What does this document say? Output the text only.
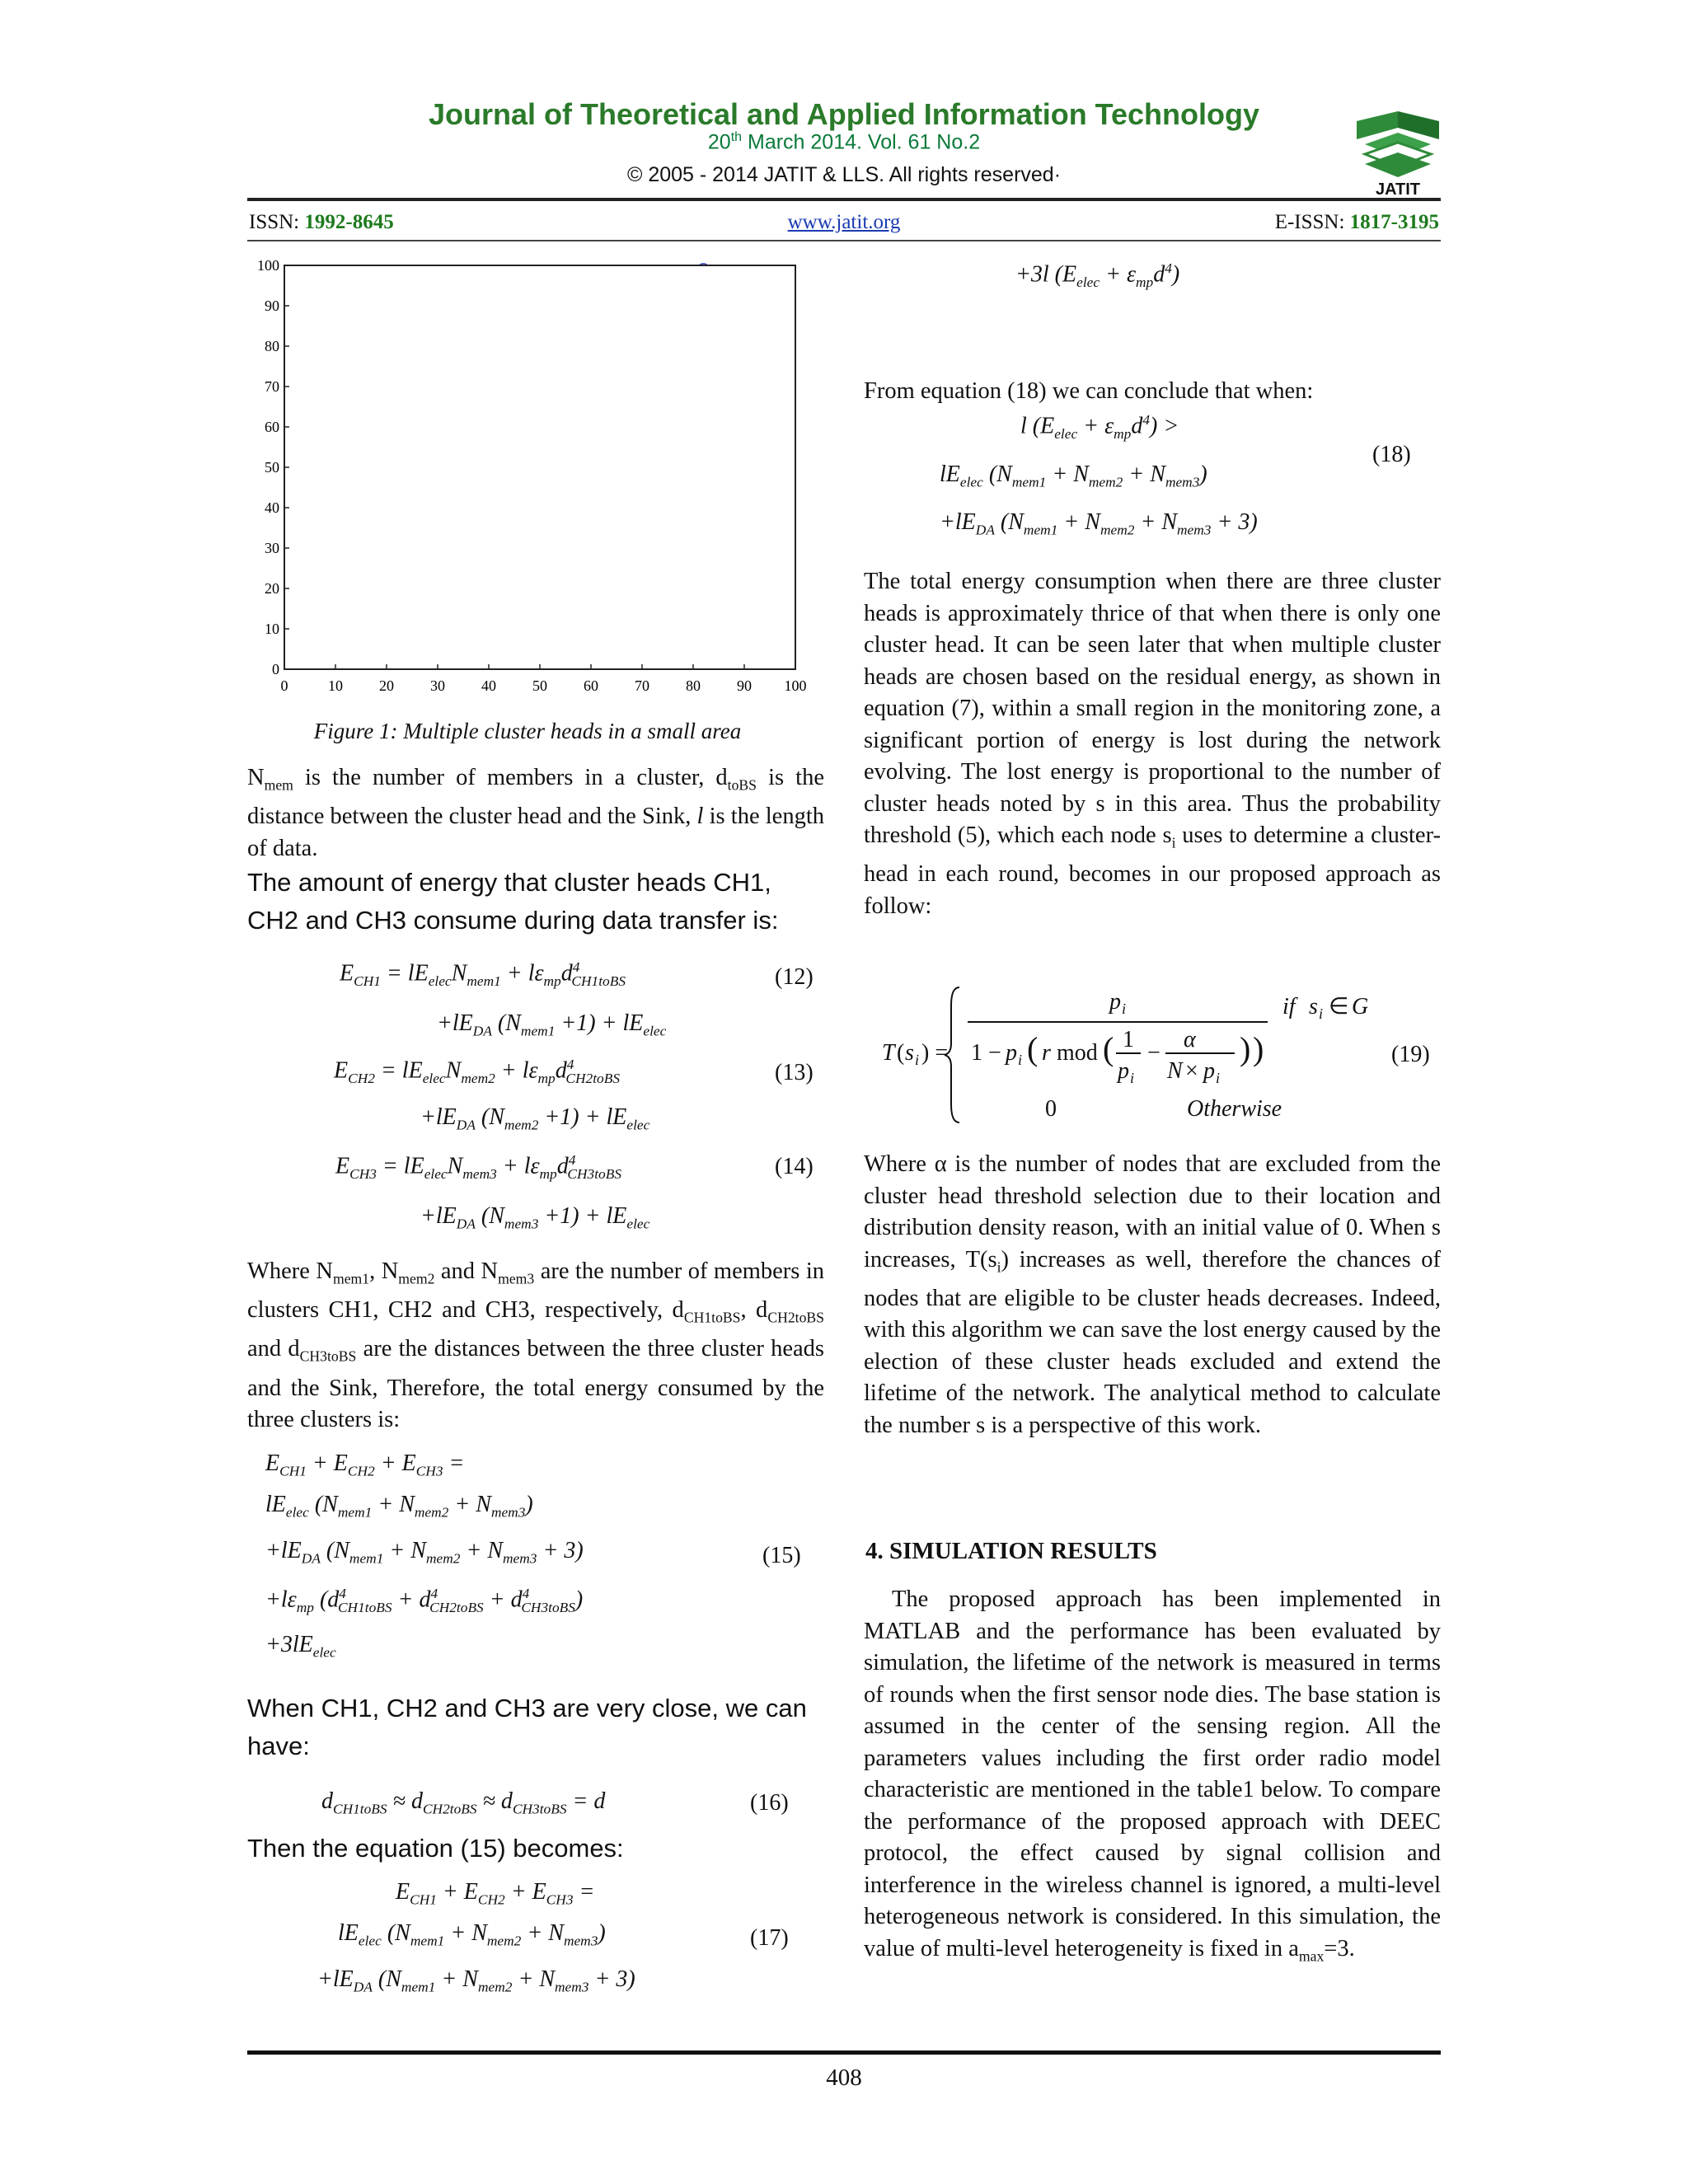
Journal of Theoretical and Applied Information Technology
20th March 2014. Vol. 61 No.2
© 2005 - 2014 JATIT & LLS. All rights reserved·
JATIT
ISSN: 1992-8645	www.jatit.org	E-ISSN: 1817-3195
0	10 20 30 40 50 60 70 80 90 100
0
10
20
30
40
50
60
70
80
90
100
Figure 1: Multiple cluster heads in a small area
$N_{mem}$ is the number of members in a cluster, $d_{toBS}$ is the distance between the cluster head and the Sink, l is the length of data.
The amount of energy that cluster heads CH1, CH2 and CH3 consume during data transfer is:
$E_{CH1} = lE_{elec}N_{mem1} + l\varepsilon_{mp}d^4_{CH1toBS}$
$+lE_{DA}$ $(N_{mem1} +1) + lE_{elec}$
(12)
$E_{CH2} = lE_{elec}N_{mem2} + l\varepsilon_{mp}d^4_{CH2toBS}$
$+lE_{DA}$ $(N_{mem2} +1) + lE_{elec}$
(13)
$E_{CH3} = lE_{elec}N_{mem3} + l\varepsilon_{mp}d^4_{CH3toBS}$
$+lE_{DA}$ $(N_{mem3} +1) + lE_{elec}$
(14)
Where $N_{mem1}$, $N_{mem2}$ and $N_{mem3}$ are the number of members in clusters CH1, CH2 and CH3, respectively, $d_{CH1toBS}$, $d_{CH2toBS}$ and $d_{CH3toBS}$ are the distances between the three cluster heads and the Sink, Therefore, the total energy consumed by the three clusters is:
$E_{CH1} + E_{CH2} + E_{CH3}$ =
$lE_{elec}$ $(N_{mem1} + N_{mem2} + N_{mem3})$
$+lE_{DA}$ $(N_{mem1} + N_{mem2} + N_{mem3} + 3)$
$+l\varepsilon_{mp}$ $(d^4_{CH1toBS} + d^4_{CH2toBS} + d^4_{CH3toBS})$
$+3lE_{elec}$
(15)
When CH1, CH2 and CH3 are very close, we can have:
$d_{CH1toBS} \approx d_{CH2toBS} \approx d_{CH3toBS} = d$	(16)
Then the equation (15) becomes:
$E_{CH1} + E_{CH2} + E_{CH3}$ =
$lE_{elec}$ $(N_{mem1} + N_{mem2} + N_{mem3})$
$+lE_{DA}$ $(N_{mem1} + N_{mem2} + N_{mem3} + 3)$
(17)
+3l $(E_{elec} + \varepsilon_{mp}d^4)$
From equation (18) we can conclude that when:
l $(E_{elec} + \varepsilon_{mp}d^4)$ >
$lE_{elec}$ $(N_{mem1} + N_{mem2} + N_{mem3})$
$+lE_{DA}$ $(N_{mem1} + N_{mem2} + N_{mem3} + 3)$
(18)
The total energy consumption when there are three cluster heads is approximately thrice of that when there is only one cluster head. It can be seen later that when multiple cluster heads are chosen based on the residual energy, as shown in equation (7), within a small region in the monitoring zone, a significant portion of energy is lost during the network evolving. The lost energy is proportional to the number of cluster heads noted by s in this area. Thus the probability threshold (5), which each node $s_i$ uses to determine a cluster-head in each round, becomes in our proposed approach as follow:
T ( s i ) =
p i
1 − p i ( r mod ( 1
p i
−
α
N × p i
) )
if s i ∈ G
0	Otherwise
(19)
Where α is the number of nodes that are excluded from the cluster head threshold selection due to their location and distribution density reason, with an initial value of 0. When s increases, $T(s_i)$ increases as well, therefore the chances of nodes that are eligible to be cluster heads decreases. Indeed, with this algorithm we can save the lost energy caused by the election of these cluster heads excluded and extend the lifetime of the network. The analytical method to calculate the number s is a perspective of this work.
4. SIMULATION RESULTS
The proposed approach has been implemented in MATLAB and the performance has been evaluated by simulation, the lifetime of the network is measured in terms of rounds when the first sensor node dies. The base station is assumed in the center of the sensing region. All the parameters values including the first order radio model characteristic are mentioned in the table1 below. To compare the performance of the proposed approach with DEEC protocol, the effect caused by signal collision and interference in the wireless channel is ignored, a multi-level heterogeneous network is considered. In this simulation, the value of multi-level heterogeneity is fixed in $a_{max}=3$.
408
